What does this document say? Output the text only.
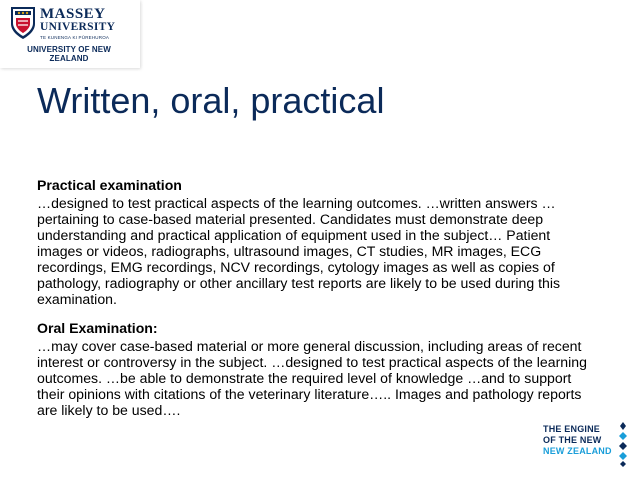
MASSEY
UNIVERSITY
TE KUNENGA KI PŪREHUROA
UNIVERSITY OF NEW ZEALAND
Written, oral, practical
Practical examination
…designed to test practical aspects of the learning outcomes. …written answers …pertaining to case-based material presented. Candidates must demonstrate deep understanding and practical application of equipment used in the subject… Patient images or videos, radiographs, ultrasound images, CT studies, MR images, ECG recordings, EMG recordings, NCV recordings, cytology images as well as copies of pathology, radiography or other ancillary test reports are likely to be used during this examination.
Oral Examination:
…may cover case-based material or more general discussion, including areas of recent interest or controversy in the subject. …designed to test practical aspects of the learning outcomes. …be able to demonstrate the required level of knowledge …and to support their opinions with citations of the veterinary literature….. Images and pathology reports are likely to be used….
THE ENGINE
OF THE NEW
NEW ZEALAND
